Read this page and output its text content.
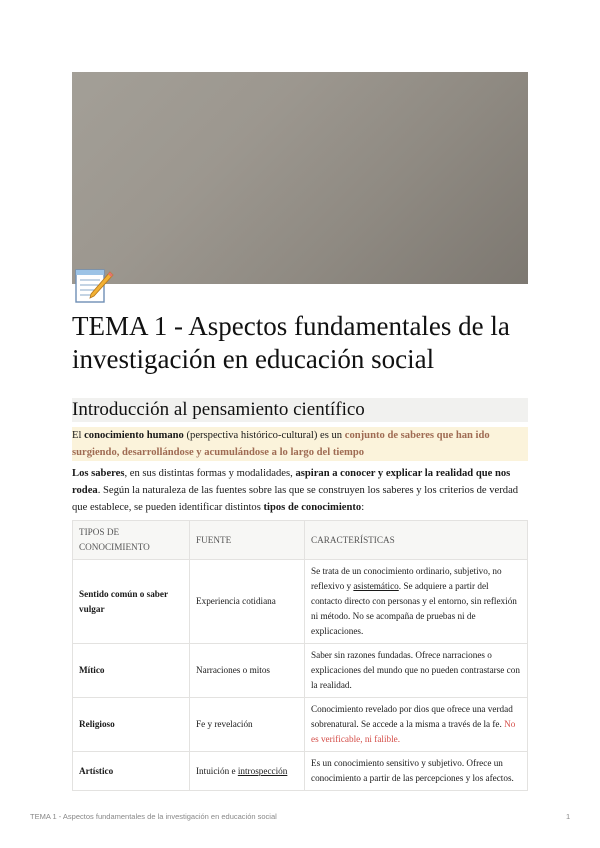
TEMA 1 - Aspectos fundamentales de la investigación en educación social
Introducción al pensamiento científico

El conocimiento humano (perspectiva histórico-cultural) es un conjunto de saberes que han ido surgiendo, desarrollándose y acumulándose a lo largo del tiempo

Los saberes, en sus distintas formas y modalidades, aspiran a conocer y explicar la realidad que nos rodea. Según la naturaleza de las fuentes sobre las que se construyen los saberes y los criterios de verdad que establece, se pueden identificar distintos tipos de conocimiento:

TIPOS DE CONOCIMIENTO	FUENTE	CARACTERÍSTICAS
Sentido común o saber vulgar	Experiencia cotidiana	Se trata de un conocimiento ordinario, subjetivo, no reflexivo y asistemático. Se adquiere a partir del contacto directo con personas y el entorno, sin reflexión ni método. No se acompaña de pruebas ni de explicaciones.
Mítico	Narraciones o mitos	Saber sin razones fundadas. Ofrece narraciones o explicaciones del mundo que no pueden contrastarse con la realidad.
Religioso	Fe y revelación	Conocimiento revelado por dios que ofrece una verdad sobrenatural. Se accede a la misma a través de la fe. No es verificable, ni falible.
Artístico	Intuición e introspección	Es un conocimiento sensitivo y subjetivo. Ofrece un conocimiento a partir de las percepciones y los afectos.
TEMA 1 - Aspectos fundamentales de la investigación en educación social	1
